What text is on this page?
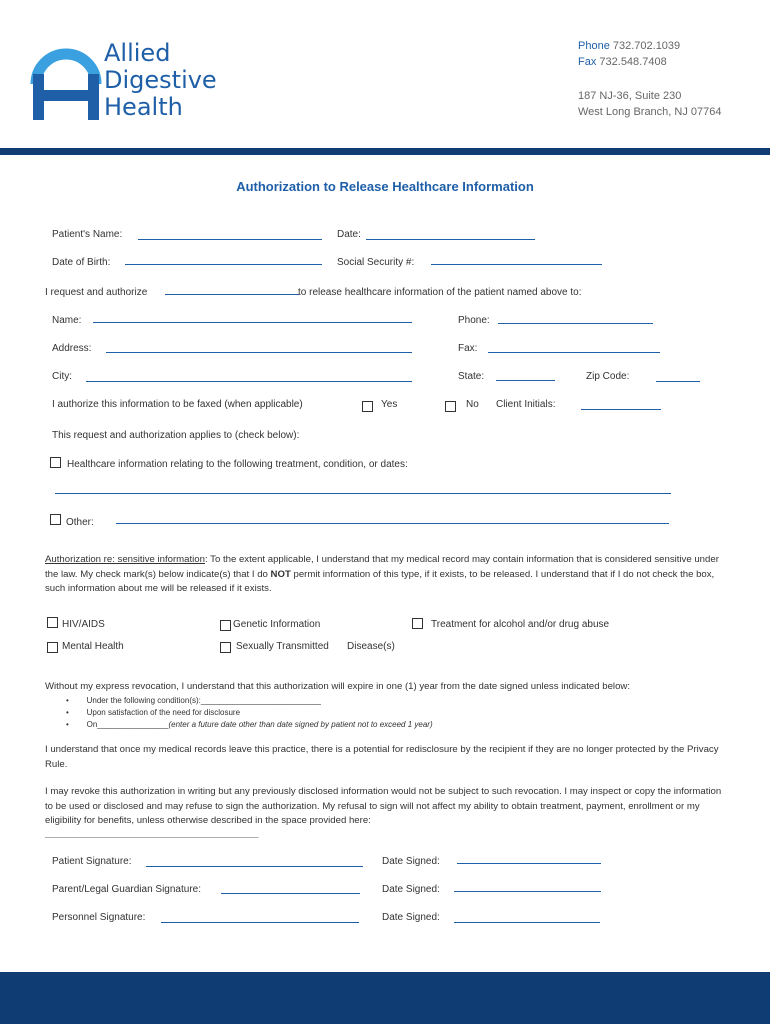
Allied
Digestive
Health
Phone 732.702.1039
Fax 732.548.7408
187 NJ-36, Suite 230
West Long Branch, NJ 07764
Authorization to Release Healthcare Information
Patient's Name:	Date:
Date of Birth:	Social Security #:
I request and authorize	to release healthcare information of the patient named above to:
Name:	Phone:
Address:	Fax:
City:	State:	Zip Code:
I authorize this information to be faxed (when applicable)	Yes	No Client Initials:
This request and authorization applies to (check below):
Healthcare information relating to the following treatment, condition, or dates:
Other:
Authorization re: sensitive information: To the extent applicable, I understand that my medical record may contain information that is considered sensitive under the law. My check mark(s) below indicate(s) that I do NOT permit information of this type, if it exists, to be released. I understand that if I do not check the box, such information about me will be released if it exists.
HIV/AIDS	Genetic Information	Treatment for alcohol and/or drug abuse
Mental Health	Sexually Transmitted Disease(s)
Without my express revocation, I understand that this authorization will expire in one (1) year from the date signed unless indicated below:
•        Under the following condition(s):___________________________
•        Upon satisfaction of the need for disclosure
•        On________________(enter a future date other than date signed by patient not to exceed 1 year)
I understand that once my medical records leave this practice, there is a potential for redisclosure by the recipient if they are no longer protected by the Privacy Rule.
I may revoke this authorization in writing but any previously disclosed information would not be subject to such revocation. I may inspect or copy the information to be used or disclosed and may refuse to sign the authorization. My refusal to sign will not affect my ability to obtain treatment, payment, enrollment or my eligibility for benefits, unless otherwise described in the space provided here:
________________________________________________
Patient Signature:	Date Signed:
Parent/Legal Guardian Signature:	Date Signed:
Personnel Signature:	Date Signed:
